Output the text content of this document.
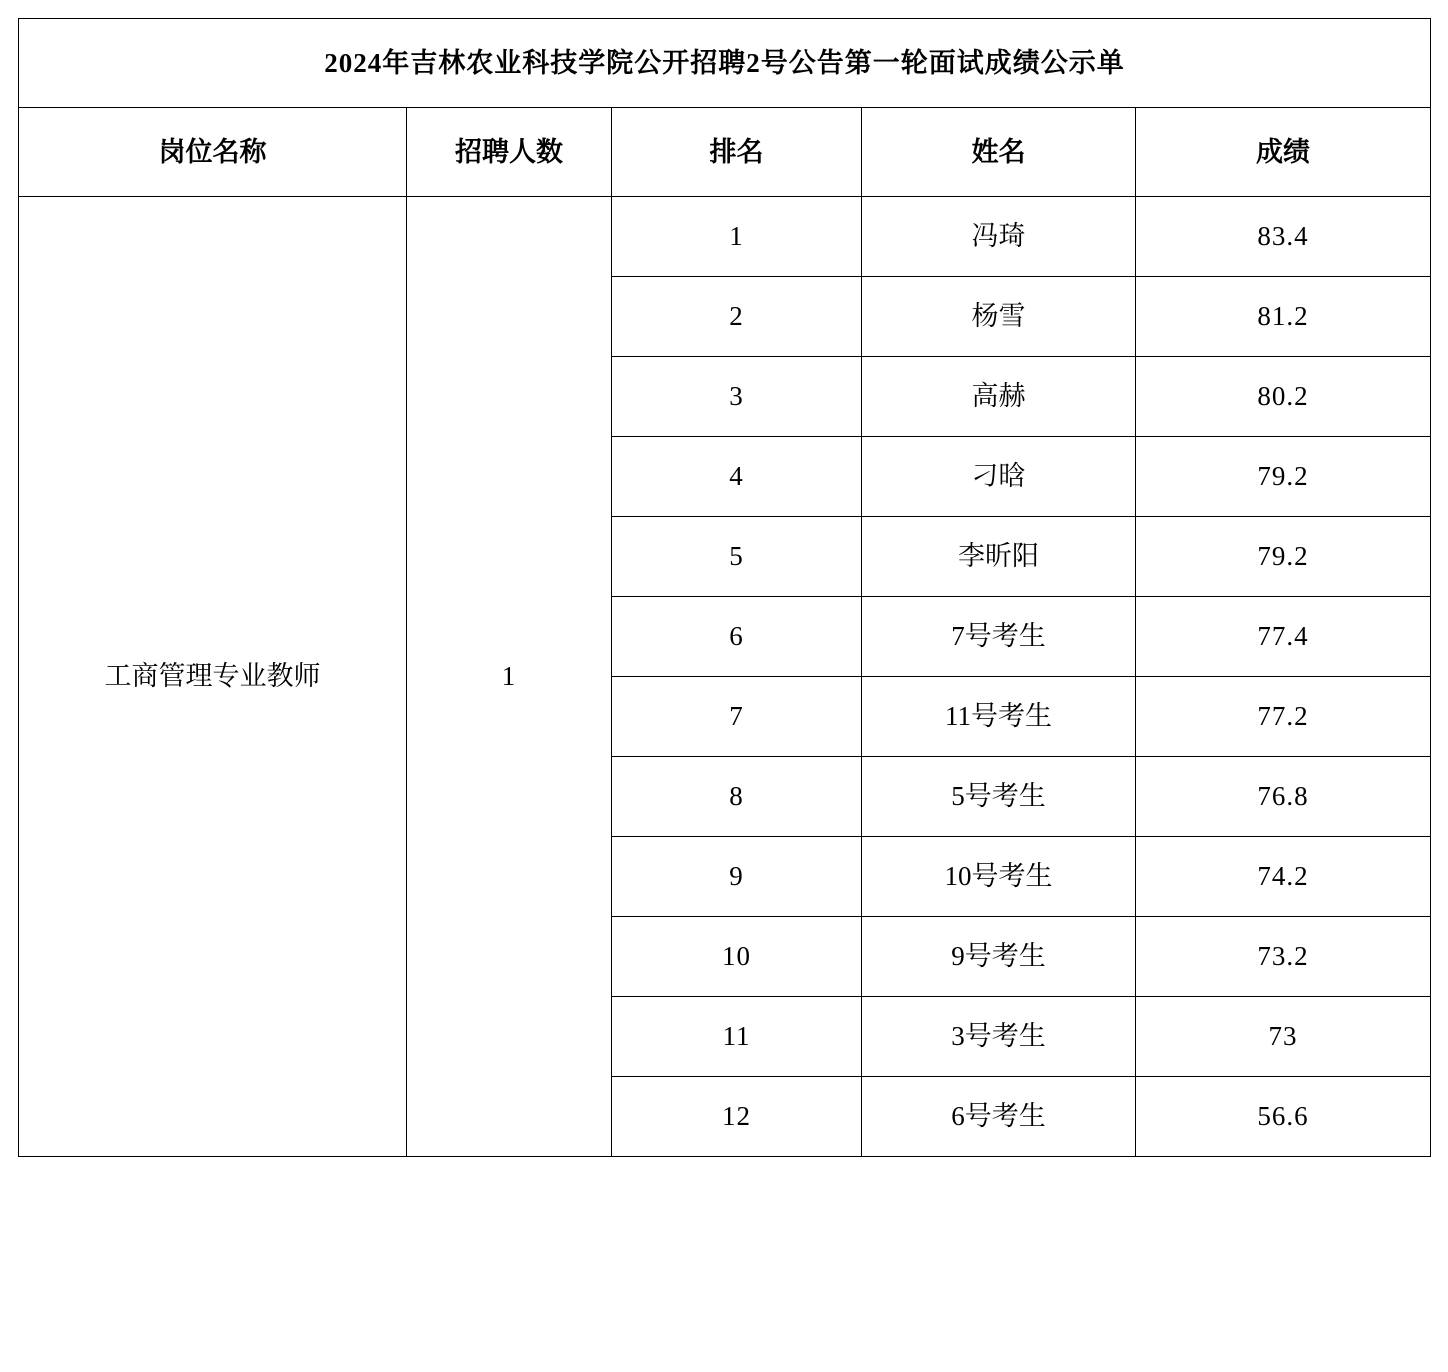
2024年吉林农业科技学院公开招聘2号公告第一轮面试成绩公示单				
岗位名称	招聘人数	排名	姓名	成绩
工商管理专业教师	1	1	冯琦	83.4
		2	杨雪	81.2
		3	高赫	80.2
		4	刁晗	79.2
		5	李昕阳	79.2
		6	7号考生	77.4
		7	11号考生	77.2
		8	5号考生	76.8
		9	10号考生	74.2
		10	9号考生	73.2
		11	3号考生	73
		12	6号考生	56.6
